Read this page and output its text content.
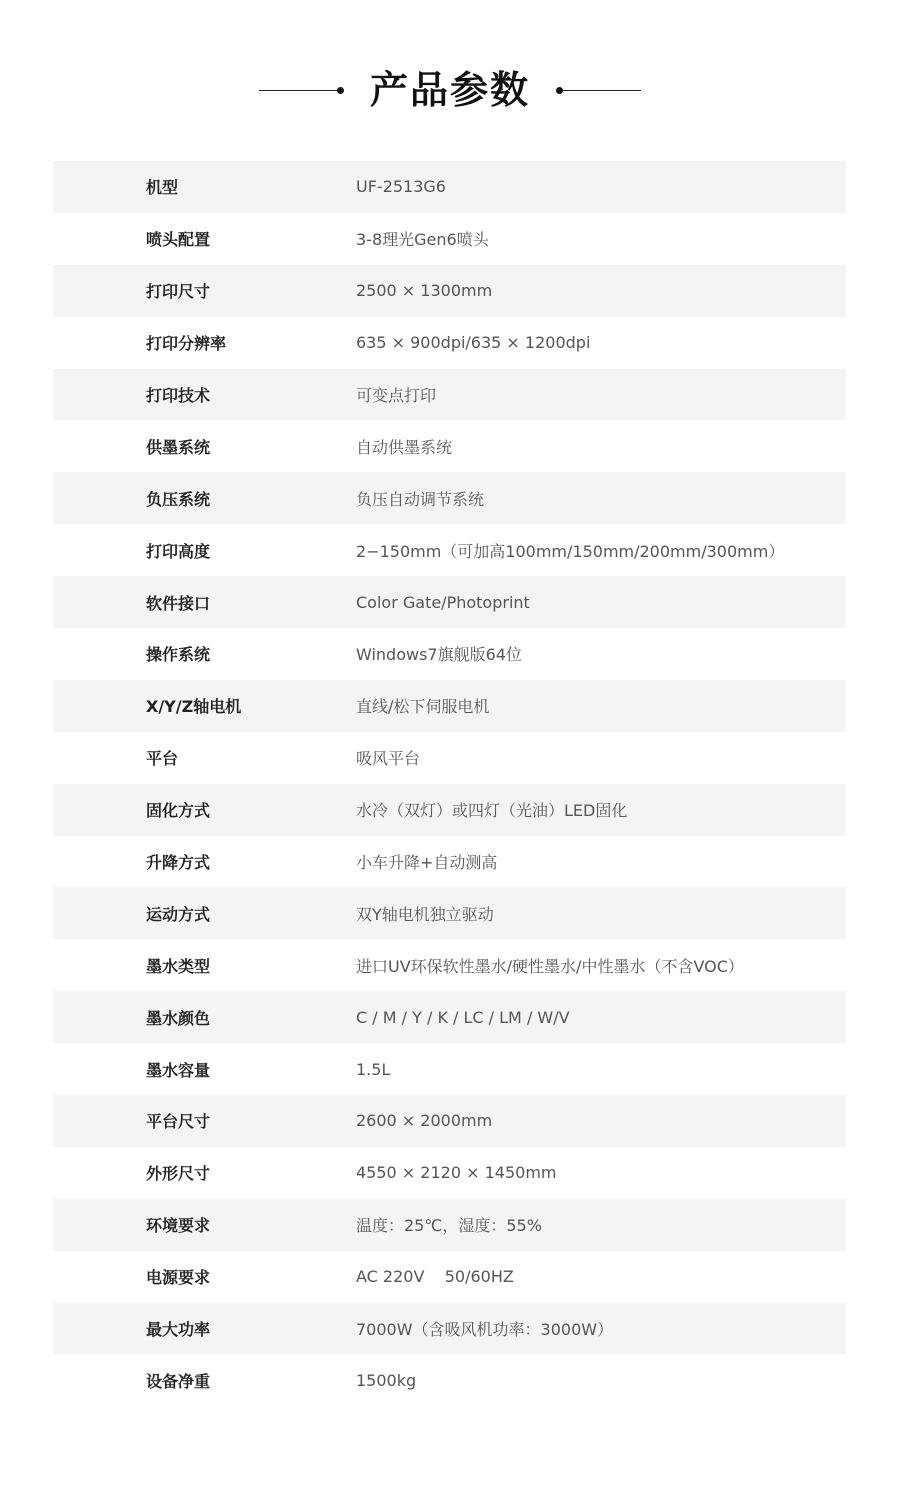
产品参数
机型	UF-2513G6
喷头配置	3-8理光Gen6喷头
打印尺寸	2500 × 1300mm
打印分辨率	635 × 900dpi/635 × 1200dpi
打印技术	可变点打印
供墨系统	自动供墨系统
负压系统	负压自动调节系统
打印高度	2−150mm（可加高100mm/150mm/200mm/300mm）
软件接口	Color Gate/Photoprint
操作系统	Windows7旗舰版64位
X/Y/Z轴电机	直线/松下伺服电机
平台	吸风平台
固化方式	水冷（双灯）或四灯（光油）LED固化
升降方式	小车升降+自动测高
运动方式	双Y轴电机独立驱动
墨水类型	进口UV环保软性墨水/硬性墨水/中性墨水（不含VOC）
墨水颜色	C / M / Y / K / LC / LM / W/V
墨水容量	1.5L
平台尺寸	2600 × 2000mm
外形尺寸	4550 × 2120 × 1450mm
环境要求	温度：25℃，湿度：55%
电源要求	AC 220V    50/60HZ
最大功率	7000W（含吸风机功率：3000W）
设备净重	1500kg
